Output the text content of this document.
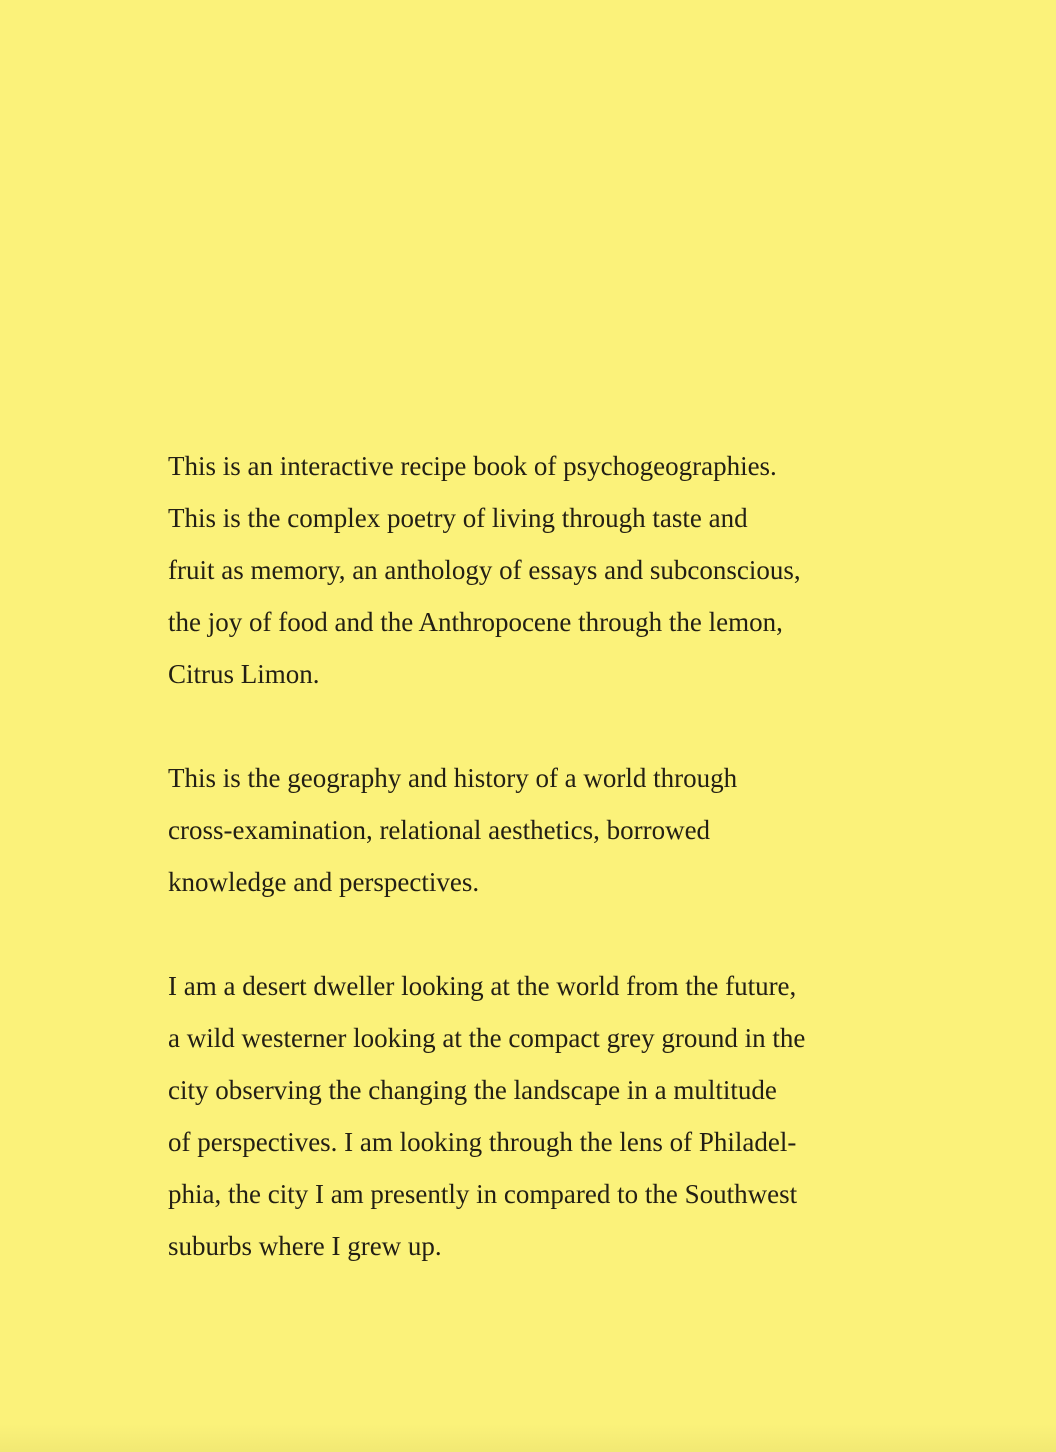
This is an interactive recipe book of psychogeographies.
This is the complex poetry of living through taste and
fruit as memory, an anthology of essays and subconscious,
the joy of food and the Anthropocene through the lemon,
Citrus Limon.

This is the geography and history of a world through
cross-examination, relational aesthetics, borrowed
knowledge and perspectives.

I am a desert dweller looking at the world from the future,
a wild westerner looking at the compact grey ground in the
city observing the changing the landscape in a multitude
of perspectives. I am looking through the lens of Philadel-
phia, the city I am presently in compared to the Southwest
suburbs where I grew up.
